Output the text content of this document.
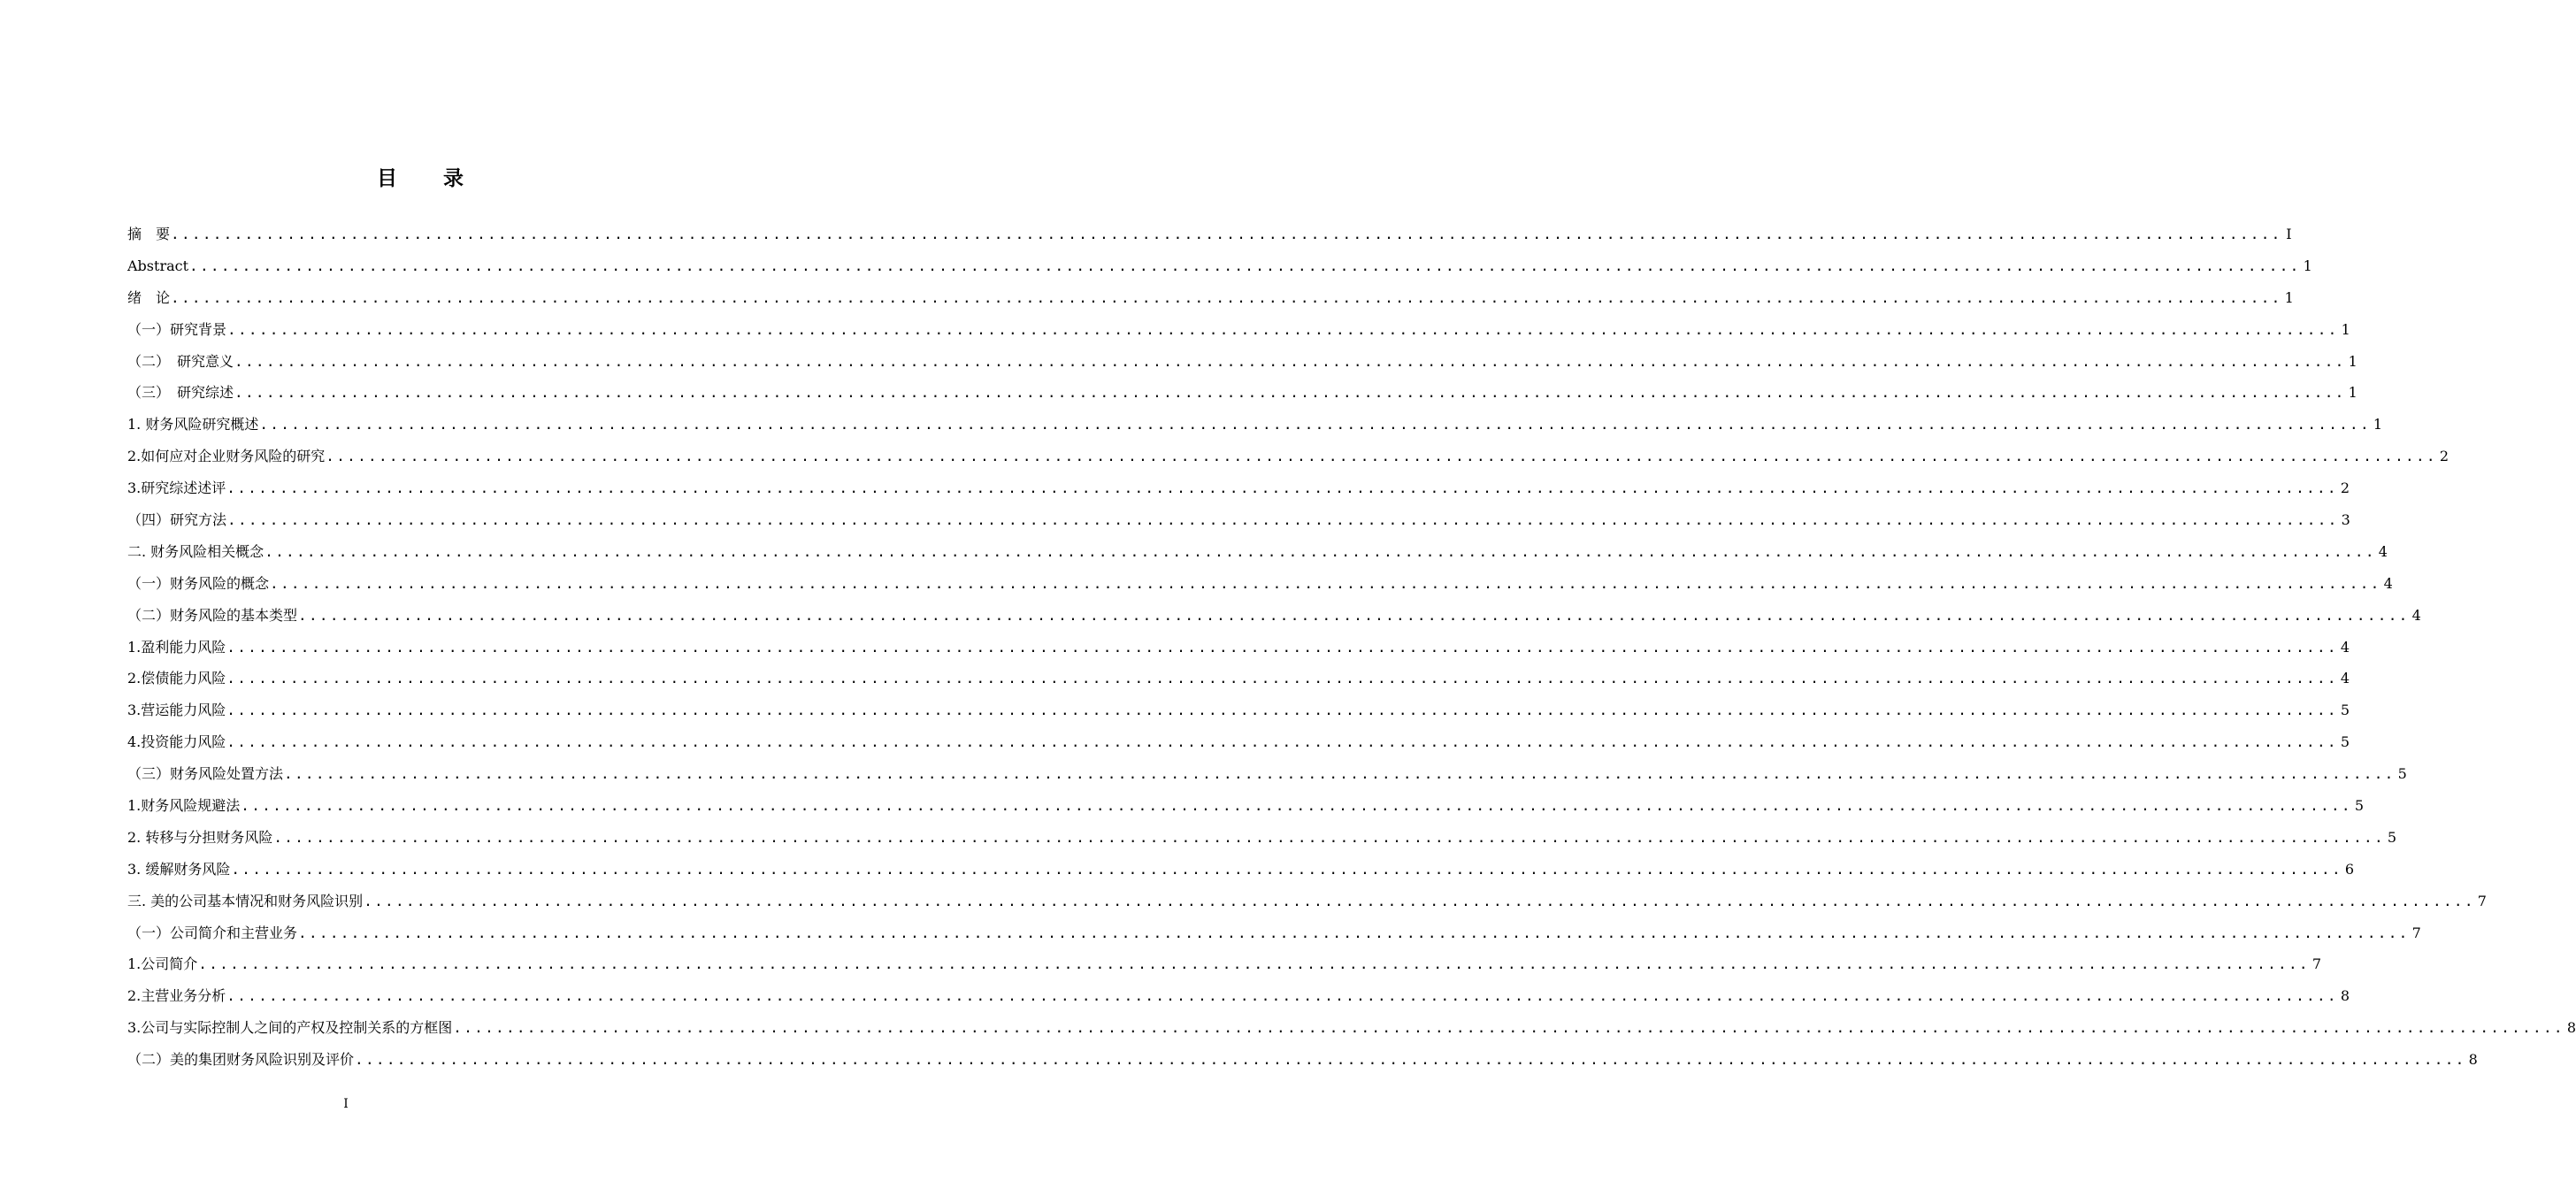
目 录
摘　要 ........................................................................................................................................................................................................ I
Abstract ........................................................................................................................................................................................................ 1
绪　论 ........................................................................................................................................................................................................ 1
（一）研究背景 ........................................................................................................................................................................................................ 1
（二）　研究意义 ........................................................................................................................................................................................................ 1
（三）　研究综述 ........................................................................................................................................................................................................ 1
1. 财务风险研究概述 ........................................................................................................................................................................................................ 1
2.如何应对企业财务风险的研究 ........................................................................................................................................................................................................ 2
3.研究综述述评 ........................................................................................................................................................................................................ 2
（四）研究方法 ........................................................................................................................................................................................................ 3
二. 财务风险相关概念 ........................................................................................................................................................................................................ 4
（一）财务风险的概念 ........................................................................................................................................................................................................ 4
（二）财务风险的基本类型 ........................................................................................................................................................................................................ 4
1.盈利能力风险 ........................................................................................................................................................................................................ 4
2.偿债能力风险 ........................................................................................................................................................................................................ 4
3.营运能力风险 ........................................................................................................................................................................................................ 5
4.投资能力风险 ........................................................................................................................................................................................................ 5
（三）财务风险处置方法 ........................................................................................................................................................................................................ 5
1.财务风险规避法 ........................................................................................................................................................................................................ 5
2. 转移与分担财务风险 ........................................................................................................................................................................................................ 5
3. 缓解财务风险 ........................................................................................................................................................................................................ 6
三. 美的公司基本情况和财务风险识别 ........................................................................................................................................................................................................ 7
（一）公司简介和主营业务 ........................................................................................................................................................................................................ 7
1.公司简介 ........................................................................................................................................................................................................ 7
2.主营业务分析 ........................................................................................................................................................................................................ 8
3.公司与实际控制人之间的产权及控制关系的方框图 ........................................................................................................................................................................................................ 8
（二）美的集团财务风险识别及评价 ........................................................................................................................................................................................................ 8
I
